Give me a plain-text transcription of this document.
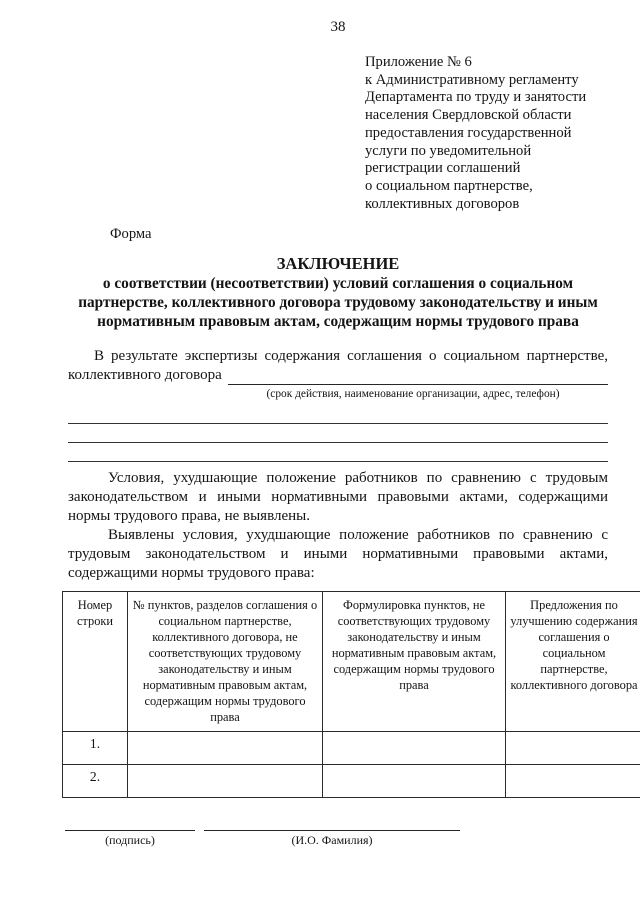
38
Приложение № 6
к Административному регламенту
Департамента по труду и занятости
населения Свердловской области
предоставления государственной
услуги по уведомительной
регистрации соглашений
о социальном партнерстве,
коллективных договоров
Форма
ЗАКЛЮЧЕНИЕ
о соответствии (несоответствии) условий соглашения о социальном партнерстве, коллективного договора трудовому законодательству и иным нормативным правовым актам, содержащим нормы трудового права
В результате экспертизы содержания соглашения о социальном партнерстве,
коллективного договора
(срок действия, наименование организации, адрес, телефон)

Условия, ухудшающие положение работников по сравнению с трудовым законодательством и иными нормативными правовыми актами, содержащими нормы трудового права, не выявлены.

Выявлены условия, ухудшающие положение работников по сравнению с трудовым законодательством и иными нормативными правовыми актами, содержащими нормы трудового права:

Номер строки	№ пунктов, разделов соглашения о социальном партнерстве, коллективного договора, не соответствующих трудовому законодательству и иным нормативным правовым актам, содержащим нормы трудового права	Формулировка пунктов, не соответствующих трудовому законодательству и иным нормативным правовым актам, содержащим нормы трудового права	Предложения по улучшению содержания соглашения о социальном партнерстве, коллективного договора
1.			
2.			
(подпись)	(И.О. Фамилия)
